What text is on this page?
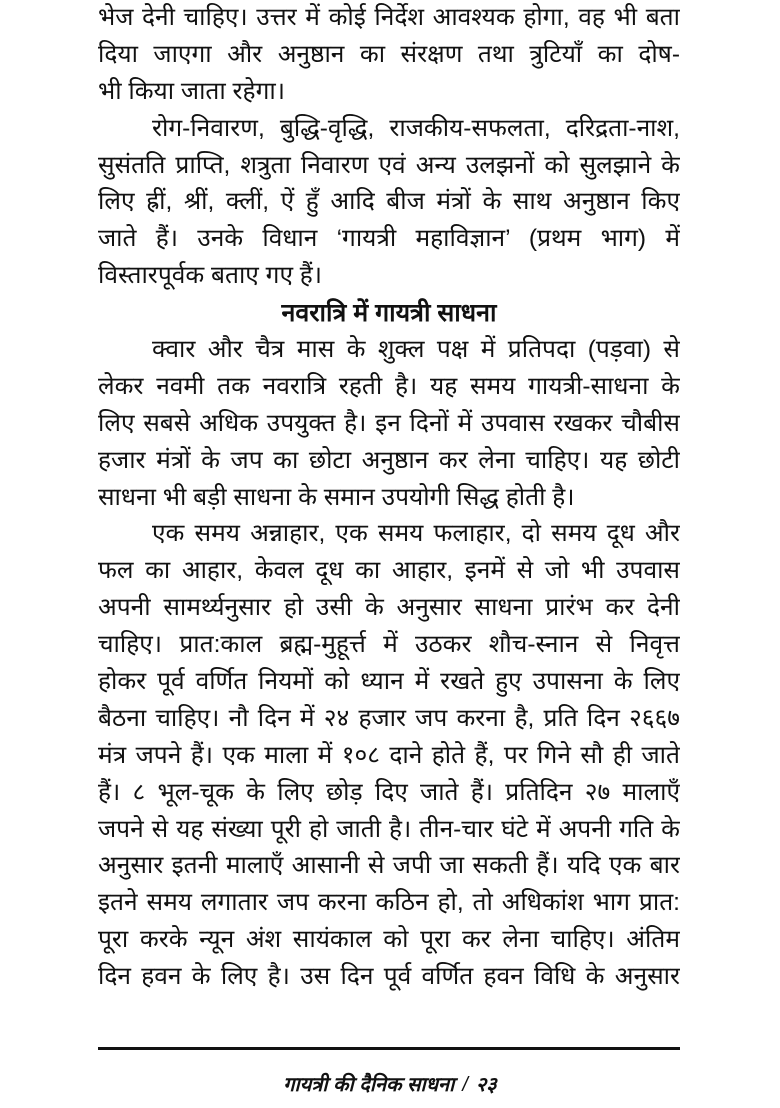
भेज देनी चाहिए। उत्तर में कोई निर्देश आवश्यक होगा, वह भी बता
दिया जाएगा और अनुष्ठान का संरक्षण तथा त्रुटियाँ का दोष-
भी किया जाता रहेगा।
रोग-निवारण, बुद्धि-वृद्धि, राजकीय-सफलता, दरिद्रता-नाश,
सुसंतति प्राप्ति, शत्रुता निवारण एवं अन्य उलझनों को सुलझाने के
लिए ह्रीं, श्रीं, क्लीं, ऐं हुँ आदि बीज मंत्रों के साथ अनुष्ठान किए
जाते हैं। उनके विधान ‘गायत्री महाविज्ञान’ (प्रथम भाग) में
विस्तारपूर्वक बताए गए हैं।
नवरात्रि में गायत्री साधना
क्वार और चैत्र मास के शुक्ल पक्ष में प्रतिपदा (पड़वा) से
लेकर नवमी तक नवरात्रि रहती है। यह समय गायत्री-साधना के
लिए सबसे अधिक उपयुक्त है। इन दिनों में उपवास रखकर चौबीस
हजार मंत्रों के जप का छोटा अनुष्ठान कर लेना चाहिए। यह छोटी
साधना भी बड़ी साधना के समान उपयोगी सिद्ध होती है।
एक समय अन्नाहार, एक समय फलाहार, दो समय दूध और
फल का आहार, केवल दूध का आहार, इनमें से जो भी उपवास
अपनी सामर्थ्यनुसार हो उसी के अनुसार साधना प्रारंभ कर देनी
चाहिए। प्रात:काल ब्रह्म-मुहूर्त्त में उठकर शौच-स्नान से निवृत्त
होकर पूर्व वर्णित नियमों को ध्यान में रखते हुए उपासना के लिए
बैठना चाहिए। नौ दिन में २४ हजार जप करना है, प्रति दिन २६६७
मंत्र जपने हैं। एक माला में १०८ दाने होते हैं, पर गिने सौ ही जाते
हैं। ८ भूल-चूक के लिए छोड़ दिए जाते हैं। प्रतिदिन २७ मालाएँ
जपने से यह संख्या पूरी हो जाती है। तीन-चार घंटे में अपनी गति के
अनुसार इतनी मालाएँ आसानी से जपी जा सकती हैं। यदि एक बार
इतने समय लगातार जप करना कठिन हो, तो अधिकांश भाग प्रात:
पूरा करके न्यून अंश सायंकाल को पूरा कर लेना चाहिए। अंतिम
दिन हवन के लिए है। उस दिन पूर्व वर्णित हवन विधि के अनुसार
गायत्री की दैनिक साधना / २३
